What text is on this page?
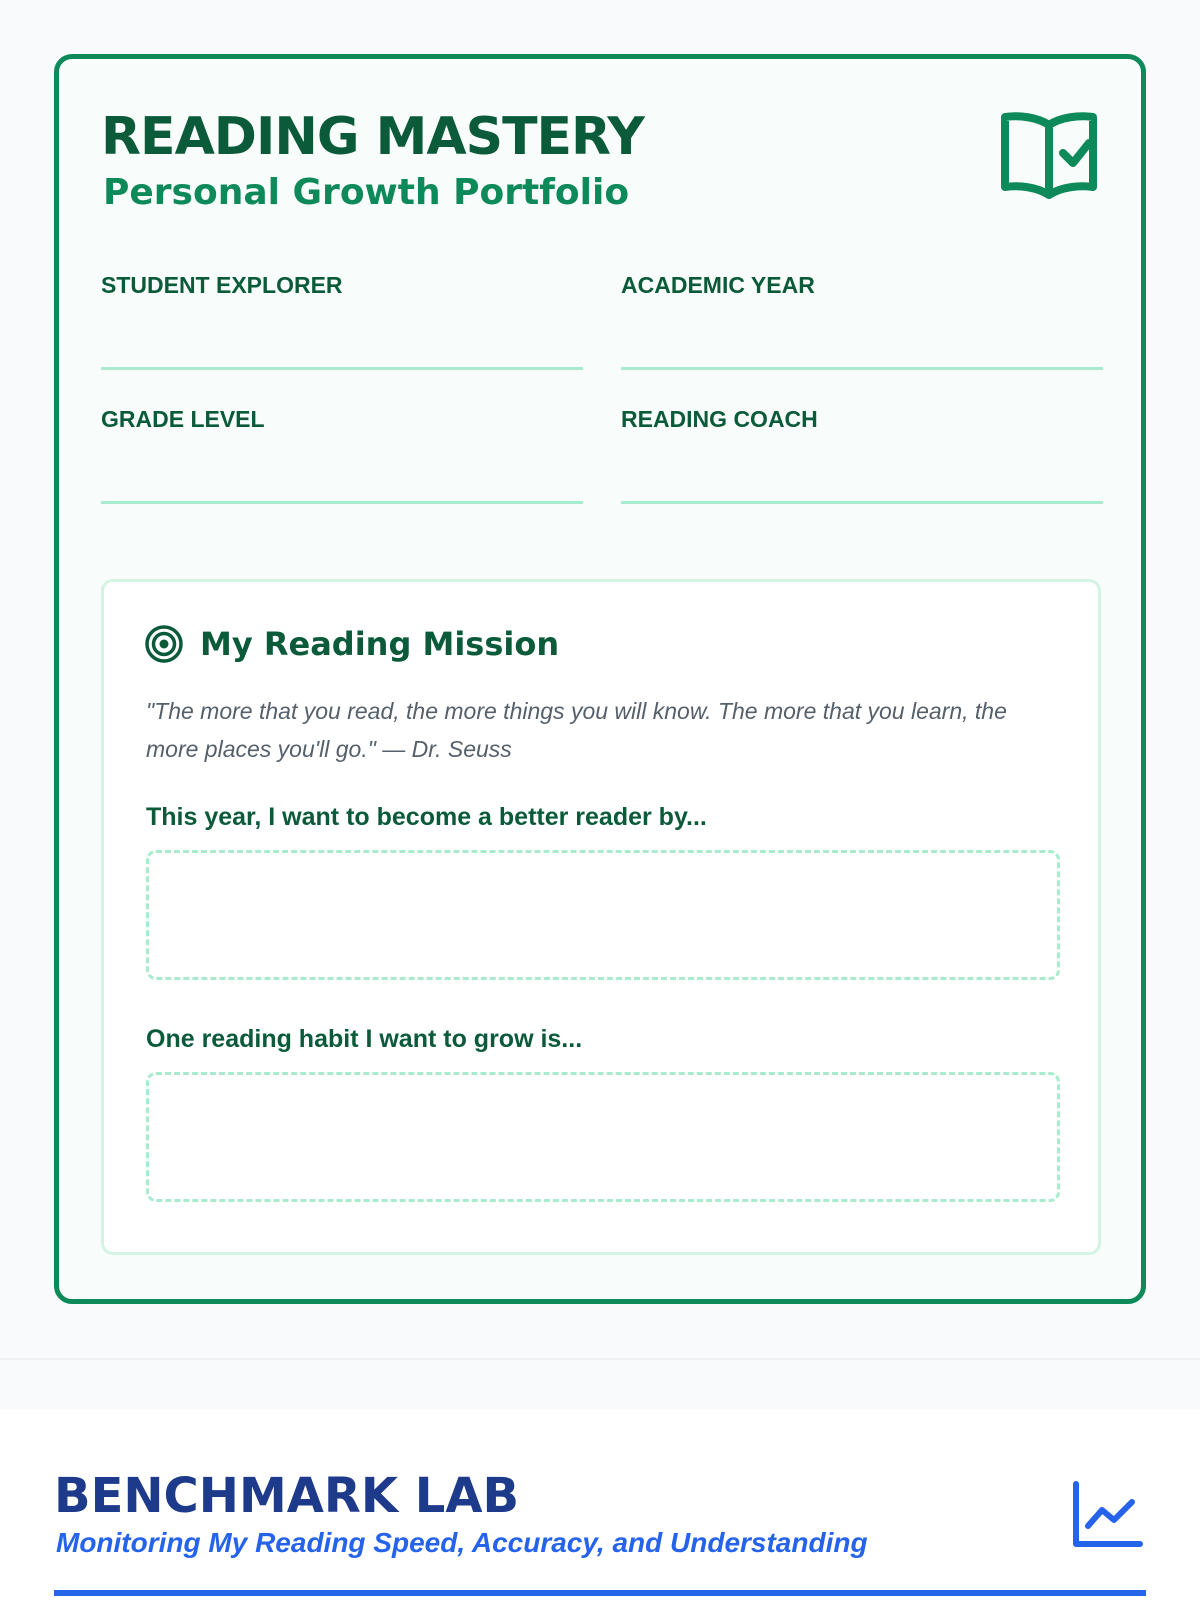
READING MASTERY
Personal Growth Portfolio
STUDENT EXPLORER	ACADEMIC YEAR
GRADE LEVEL	READING COACH
My Reading Mission

"The more that you read, the more things you will know. The more that you learn, the more places you'll go." — Dr. Seuss

This year, I want to become a better reader by...

One reading habit I want to grow is...

BENCHMARK LAB

Monitoring My Reading Speed, Accuracy, and Understanding
